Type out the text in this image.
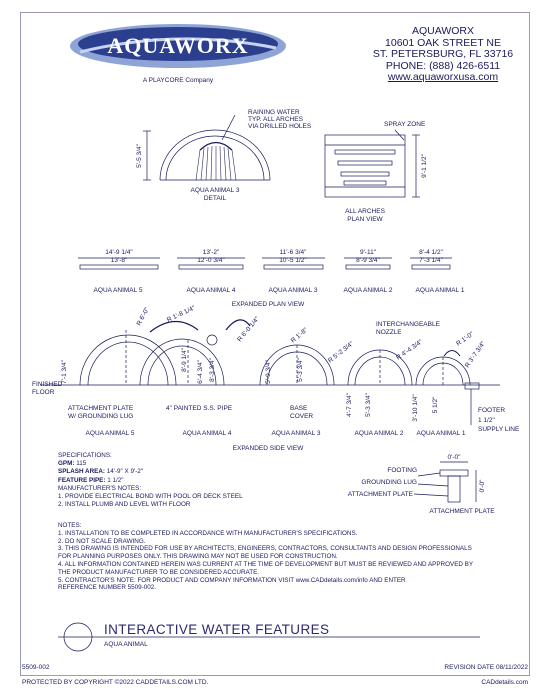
AQUAWORX
A PLAYCORE Company
AQUAWORX
10601 OAK STREET NE
ST. PETERSBURG, FL 33716
PHONE: (888) 426-6511
www.aquaworxusa.com
RAINING WATER
TYP. ALL ARCHES
VIA DRILLED HOLES
5'-5 3/4"
AQUA ANIMAL 3
DETAIL
SPRAY ZONE
9'-1 1/2"
ALL ARCHES
PLAN VIEW
14'-9 1/4"
13'-8"
AQUA ANIMAL 5
13'-2"
12'-0 3/4"
AQUA ANIMAL 4
11'-6 3/4"
10'-5 1/2"
AQUA ANIMAL 3
9'-11"
8'-9 3/4"
AQUA ANIMAL 2
8'-4 1/2"
7'-3 1/4"
AQUA ANIMAL 1
EXPANDED PLAN VIEW
R 6'-0" R 1'-8 1/4"
R 6'-0 1/4"	R 1'-8"
R 5'-2 3/4"	R 4'-4 3/4"	R 1'-0"
R 3'-7 3/4"
7'-1 3/4"
8'-9 1/4"
6'-4 3/4" 8'-3 3/4"	5'-9 3/4"	5'-3 3/4"
4'-7 3/4" 5'-3 3/4"	3'-10 1/4" 5 1/2"
INTERCHANGEABLE
NOZZLE
FINISHED
FLOOR
ATTACHMENT PLATE
W/ GROUNDING LUG
4" PAINTED S.S. PIPE	BASE
COVER
FOOTER
1 1/2"
SUPPLY LINE
AQUA ANIMAL 5	AQUA ANIMAL 4	AQUA ANIMAL 3	AQUA ANIMAL 2 AQUA ANIMAL 1
EXPANDED SIDE VIEW
0'-0"
0'-0"
FOOTING
GROUNDING LUG
ATTACHMENT PLATE
ATTACHMENT PLATE
SPECIFICATIONS:
GPM: 115
SPLASH AREA: 14'-9" X 9'-2"
FEATURE PIPE: 1 1/2"
MANUFACTURER'S NOTES:
1. PROVIDE ELECTRICAL BOND WITH POOL OR DECK STEEL
2. INSTALL PLUMB AND LEVEL WITH FLOOR
NOTES:
1. INSTALLATION TO BE COMPLETED IN ACCORDANCE WITH MANUFACTURER'S SPECIFICATIONS.
2. DO NOT SCALE DRAWING.
3. THIS DRAWING IS INTENDED FOR USE BY ARCHITECTS, ENGINEERS, CONTRACTORS, CONSULTANTS AND DESIGN PROFESSIONALS
FOR PLANNING PURPOSES ONLY. THIS DRAWING MAY NOT BE USED FOR CONSTRUCTION.
4. ALL INFORMATION CONTAINED HEREIN WAS CURRENT AT THE TIME OF DEVELOPMENT BUT MUST BE REVIEWED AND APPROVED BY
THE PRODUCT MANUFACTURER TO BE CONSIDERED ACCURATE.
5. CONTRACTOR'S NOTE: FOR PRODUCT AND COMPANY INFORMATION VISIT www.CADdetails.com/info AND ENTER
REFERENCE NUMBER 5509-002.
INTERACTIVE WATER FEATURES
AQUA ANIMAL
5509-002	REVISION DATE 08/11/2022
PROTECTED BY COPYRIGHT ©2022 CADDETAILS.COM LTD.	CADdetails.com
